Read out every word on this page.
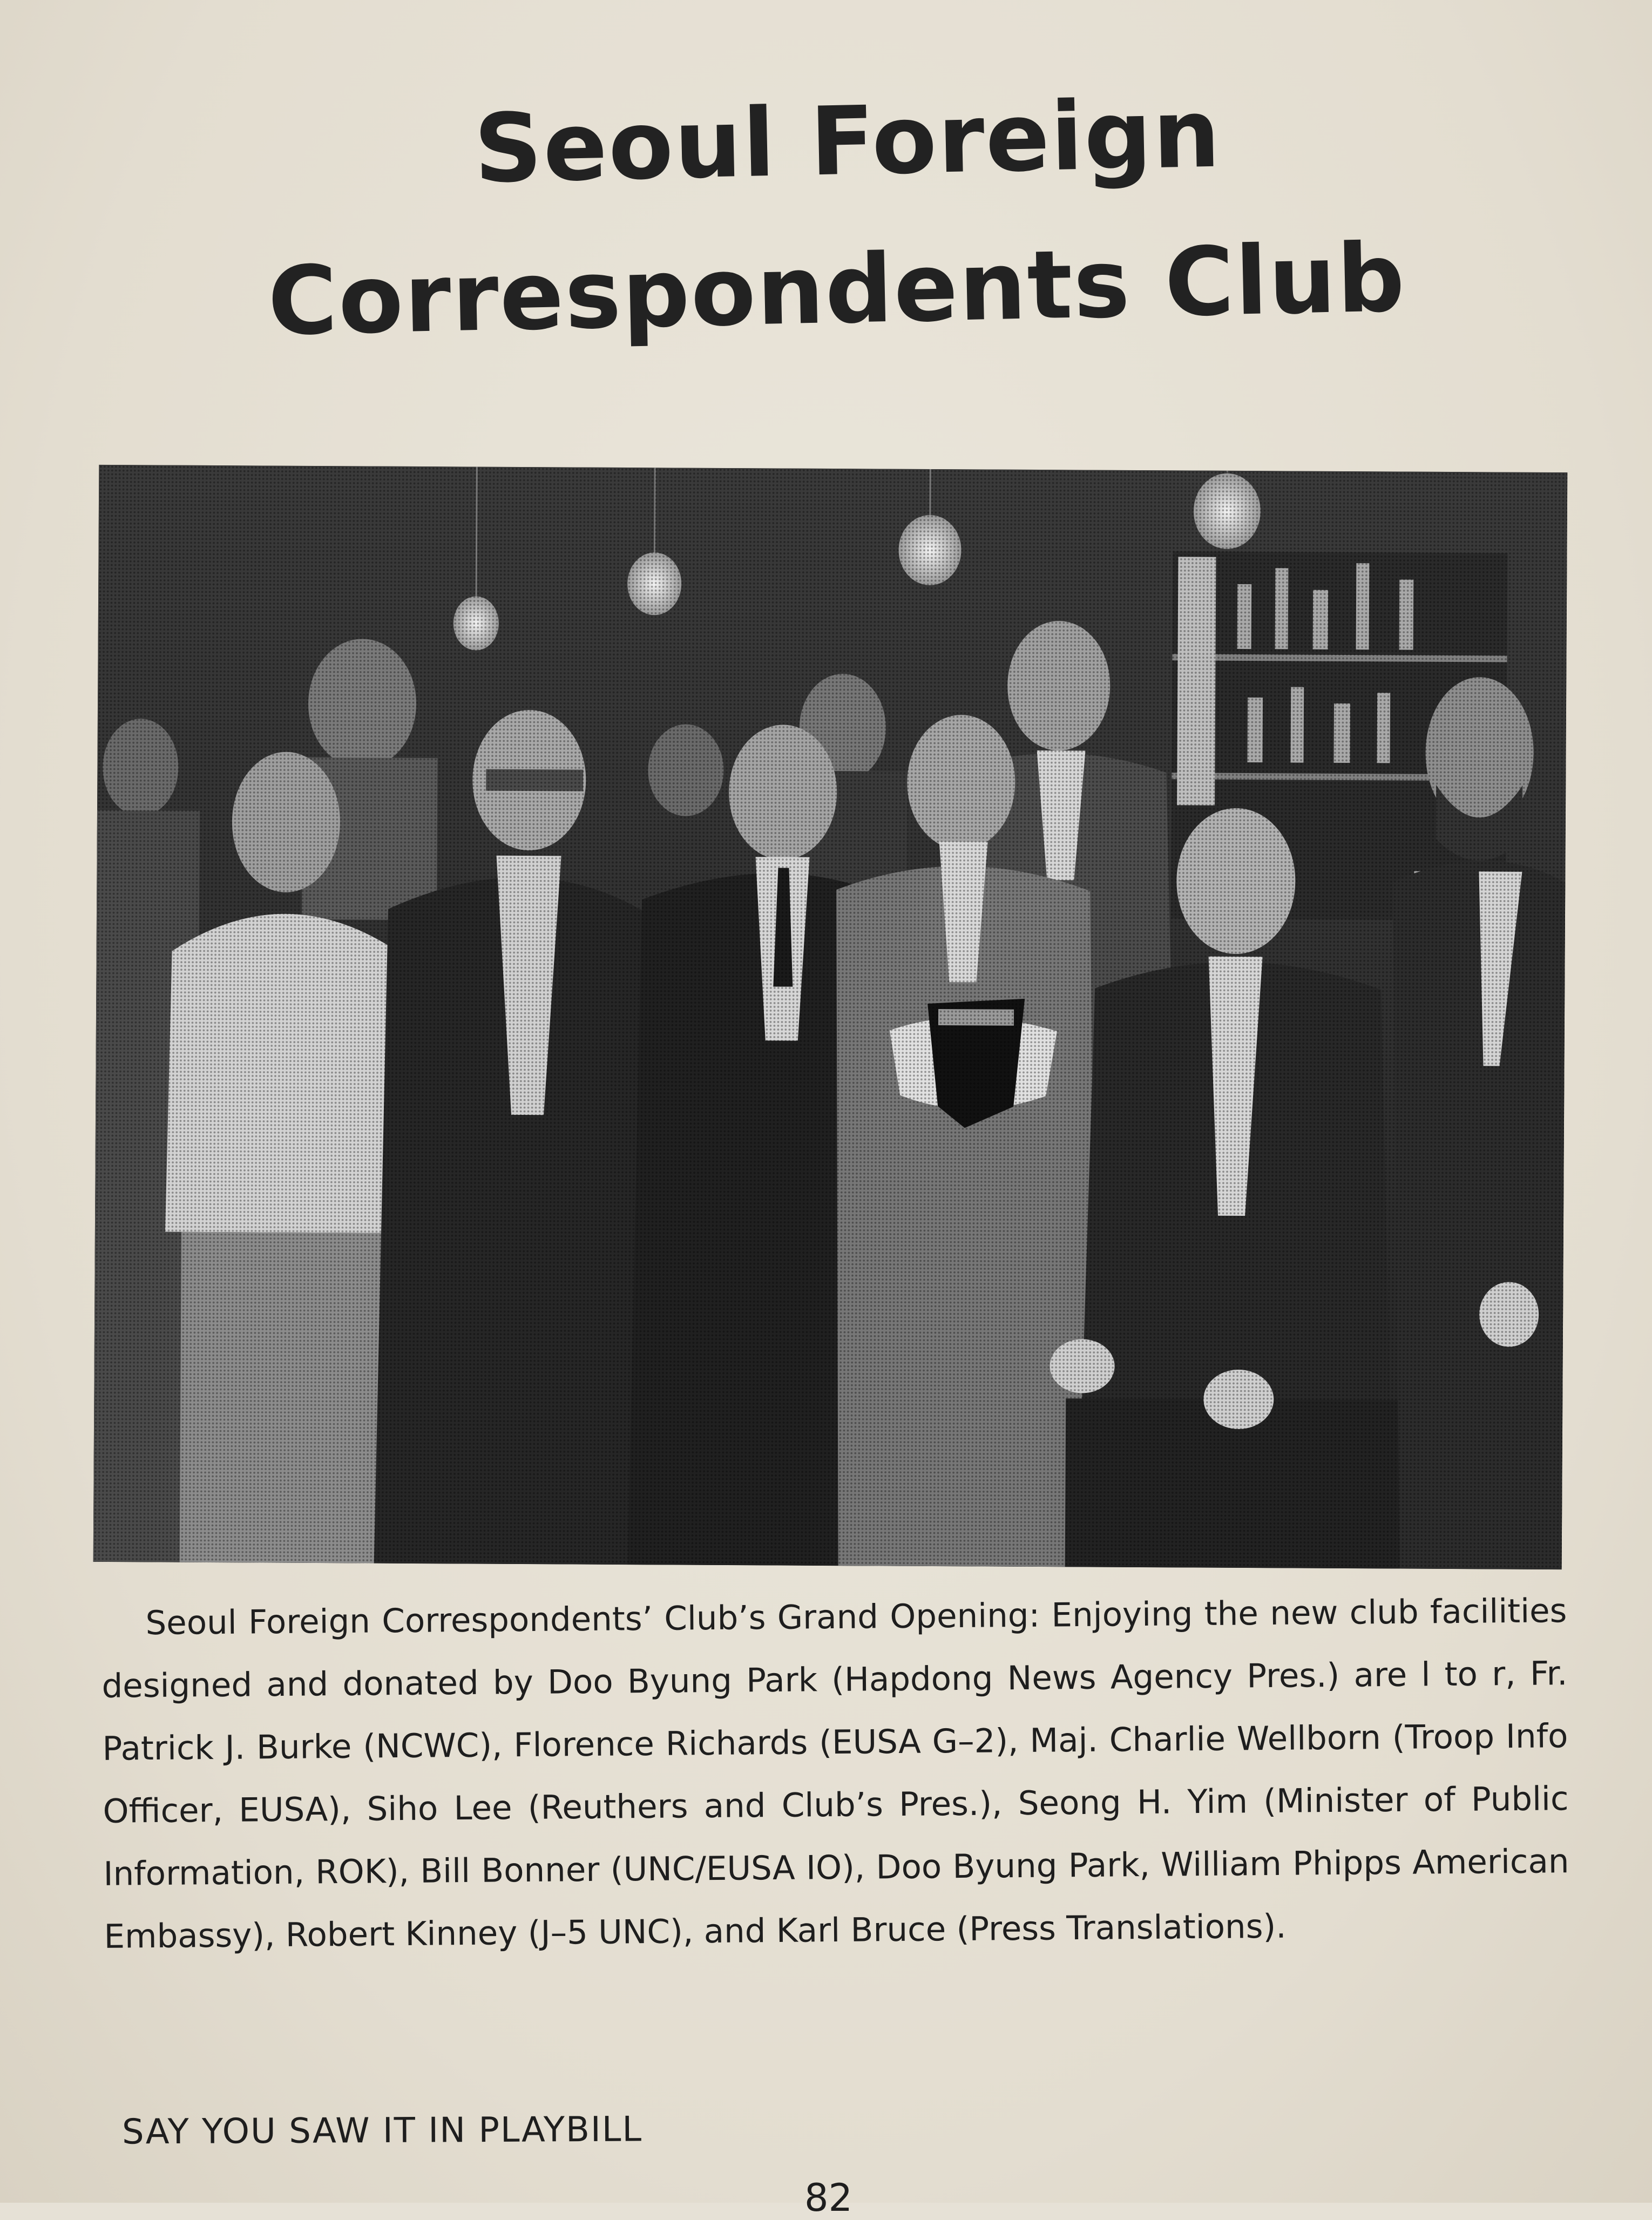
Seoul Foreign
Correspondents Club

Seoul Foreign Correspondents’ Club’s Grand Opening: Enjoying the new club facilities designed and donated by Doo Byung Park (Hapdong News Agency Pres.) are l to r, Fr. Patrick J. Burke (NCWC), Florence Richards (EUSA G–2), Maj. Charlie Wellborn (Troop Info Officer, EUSA), Siho Lee (Reuthers and Club’s Pres.), Seong H. Yim (Minister of Public Information, ROK), Bill Bonner (UNC/EUSA IO), Doo Byung Park, William Phipps American Embassy), Robert Kinney (J–5 UNC), and Karl Bruce (Press Translations).

SAY YOU SAW IT IN PLAYBILL
82
